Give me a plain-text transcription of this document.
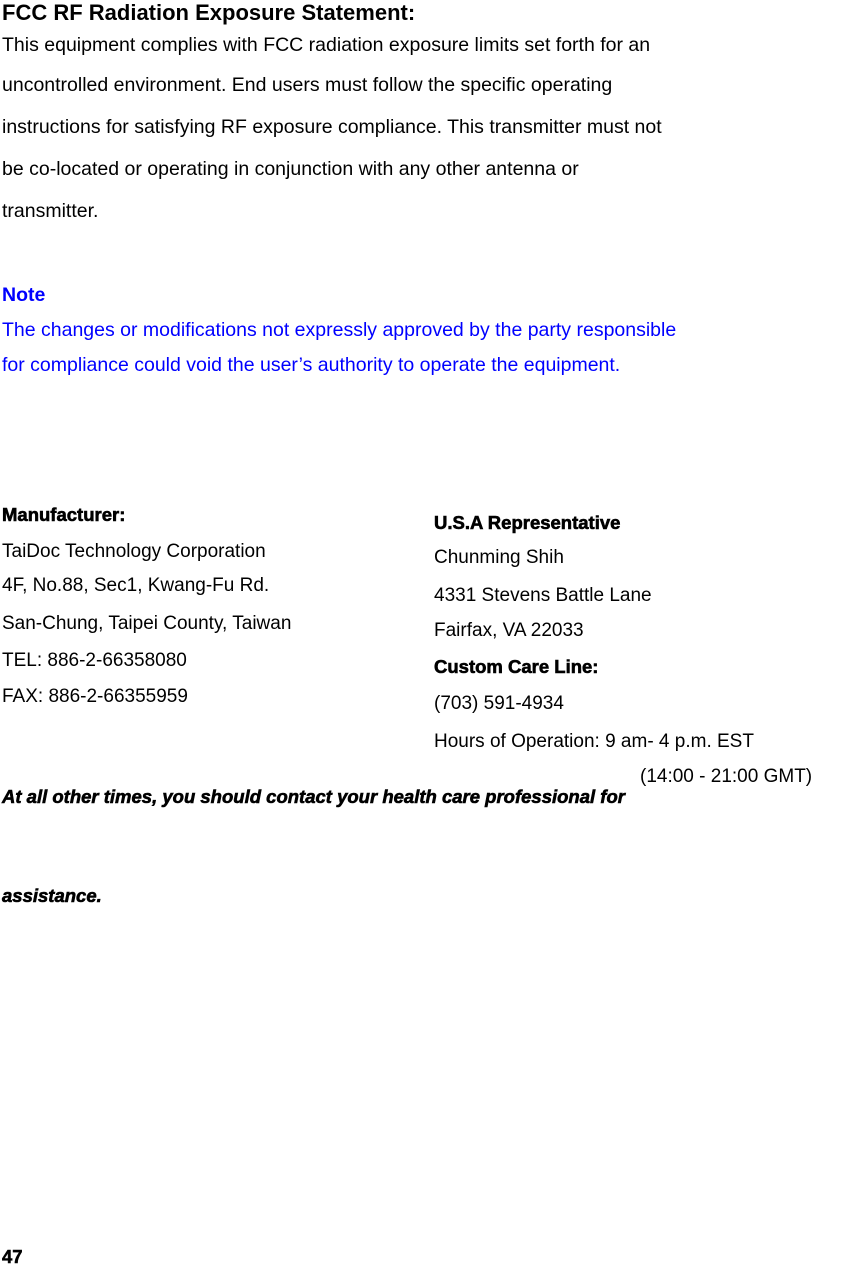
FCC RF Radiation Exposure Statement:
This equipment complies with FCC radiation exposure limits set forth for an
uncontrolled environment. End users must follow the specific operating
instructions for satisfying RF exposure compliance. This transmitter must not
be co-located or operating in conjunction with any other antenna or
transmitter.
Note
The changes or modifications not expressly approved by the party responsible
for compliance could void the user’s authority to operate the equipment.
Manufacturer:
TaiDoc Technology Corporation
4F, No.88, Sec1, Kwang-Fu Rd.
San-Chung, Taipei County, Taiwan
TEL: 886-2-66358080
FAX: 886-2-66355959
U.S.A Representative
Chunming Shih
4331 Stevens Battle Lane
Fairfax, VA 22033
Custom Care Line:
(703) 591-4934
Hours of Operation: 9 am- 4 p.m. EST
(14:00 - 21:00 GMT)
At all other times, you should contact your health care professional for
assistance.
47
